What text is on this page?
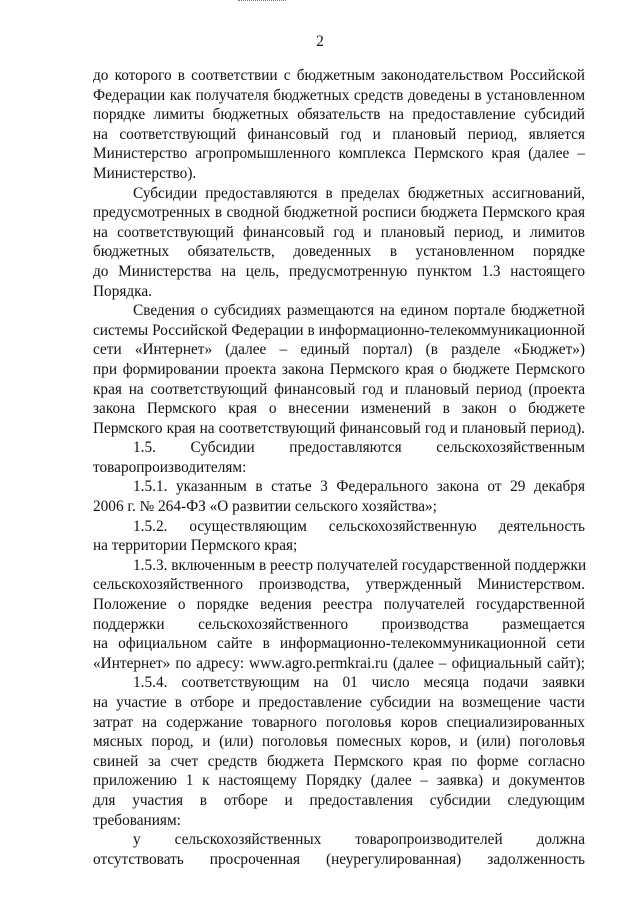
2
до которого в соответствии с бюджетным законодательством Российской
Федерации как получателя бюджетных средств доведены в установленном
порядке лимиты бюджетных обязательств на предоставление субсидий
на соответствующий финансовый год и плановый период, является
Министерство агропромышленного комплекса Пермского края (далее –
Министерство).
Субсидии предоставляются в пределах бюджетных ассигнований,
предусмотренных в сводной бюджетной росписи бюджета Пермского края
на соответствующий финансовый год и плановый период, и лимитов
бюджетных обязательств, доведенных в установленном порядке
до Министерства на цель, предусмотренную пунктом 1.3 настоящего
Порядка.
Сведения о субсидиях размещаются на едином портале бюджетной
системы Российской Федерации в информационно-телекоммуникационной
сети «Интернет» (далее – единый портал) (в разделе «Бюджет»)
при формировании проекта закона Пермского края о бюджете Пермского
края на соответствующий финансовый год и плановый период (проекта
закона Пермского края о внесении изменений в закон о бюджете
Пермского края на соответствующий финансовый год и плановый период).
1.5. Субсидии предоставляются сельскохозяйственным
товаропроизводителям:
1.5.1. указанным в статье 3 Федерального закона от 29 декабря
2006 г. № 264-ФЗ «О развитии сельского хозяйства»;
1.5.2. осуществляющим сельскохозяйственную деятельность
на территории Пермского края;
1.5.3. включенным в реестр получателей государственной поддержки
сельскохозяйственного производства, утвержденный Министерством.
Положение о порядке ведения реестра получателей государственной
поддержки сельскохозяйственного производства размещается
на официальном сайте в информационно-телекоммуникационной сети
«Интернет» по адресу: www.agro.permkrai.ru (далее – официальный сайт);
1.5.4. соответствующим на 01 число месяца подачи заявки
на участие в отборе и предоставление субсидии на возмещение части
затрат на содержание товарного поголовья коров специализированных
мясных пород, и (или) поголовья помесных коров, и (или) поголовья
свиней за счет средств бюджета Пермского края по форме согласно
приложению 1 к настоящему Порядку (далее – заявка) и документов
для участия в отборе и предоставления субсидии следующим
требованиям:
у сельскохозяйственных товаропроизводителей должна
отсутствовать просроченная (неурегулированная) задолженность
